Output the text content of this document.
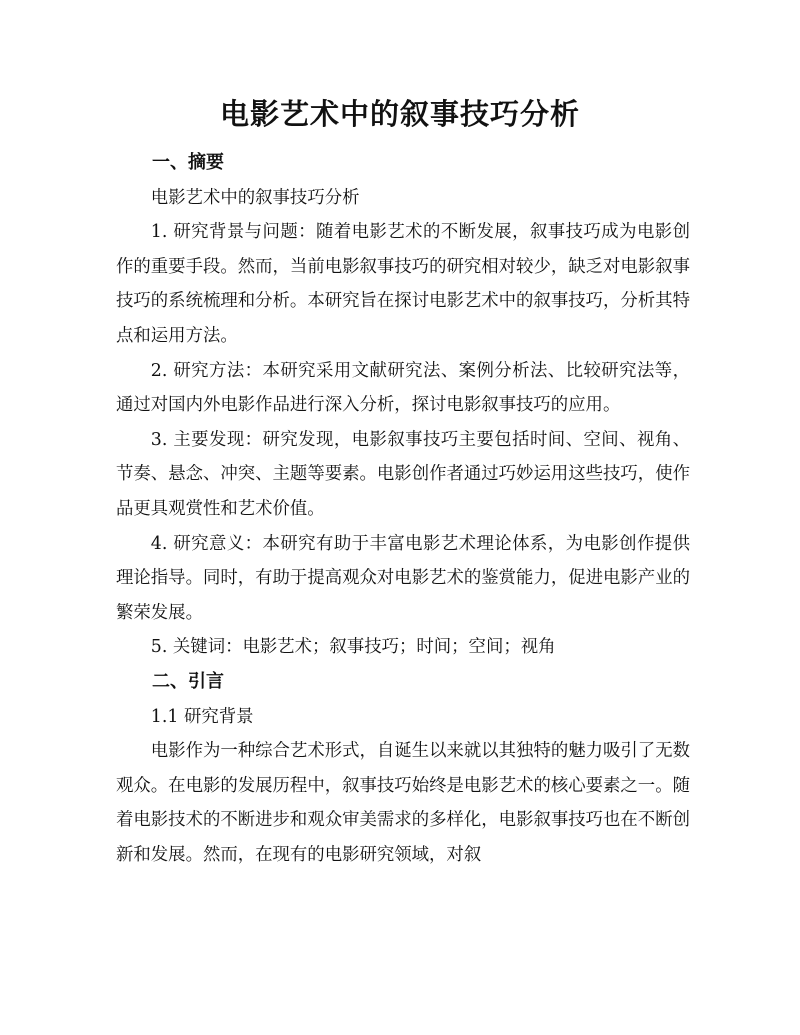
电影艺术中的叙事技巧分析

一、摘要

电影艺术中的叙事技巧分析

1. 研究背景与问题：随着电影艺术的不断发展，叙事技巧成为电影创作的重要手段。然而，当前电影叙事技巧的研究相对较少，缺乏对电影叙事技巧的系统梳理和分析。本研究旨在探讨电影艺术中的叙事技巧，分析其特点和运用方法。

2. 研究方法：本研究采用文献研究法、案例分析法、比较研究法等，通过对国内外电影作品进行深入分析，探讨电影叙事技巧的应用。

3. 主要发现：研究发现，电影叙事技巧主要包括时间、空间、视角、节奏、悬念、冲突、主题等要素。电影创作者通过巧妙运用这些技巧，使作品更具观赏性和艺术价值。

4. 研究意义：本研究有助于丰富电影艺术理论体系，为电影创作提供理论指导。同时，有助于提高观众对电影艺术的鉴赏能力，促进电影产业的繁荣发展。

5. 关键词：电影艺术；叙事技巧；时间；空间；视角

二、引言

1.1 研究背景

电影作为一种综合艺术形式，自诞生以来就以其独特的魅力吸引了无数观众。在电影的发展历程中，叙事技巧始终是电影艺术的核心要素之一。随着电影技术的不断进步和观众审美需求的多样化，电影叙事技巧也在不断创新和发展。然而，在现有的电影研究领域，对叙
